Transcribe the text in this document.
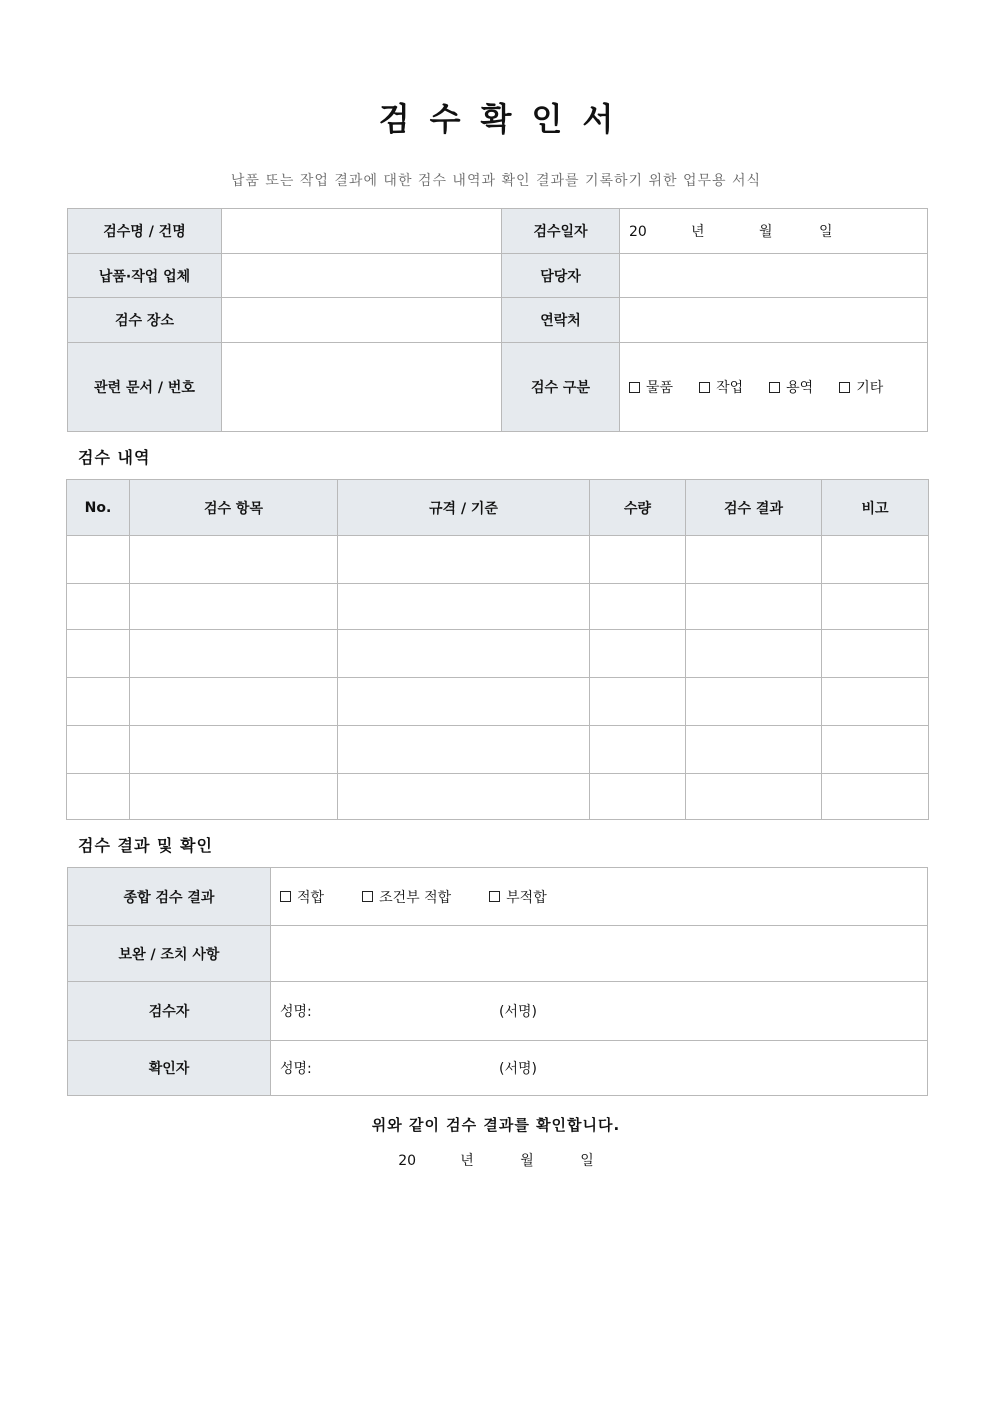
검수확인서
납품 또는 작업 결과에 대한 검수 내역과 확인 결과를 기록하기 위한 업무용 서식
검수명 / 건명		검수일자	20 년 월 일
납품·작업 업체		담당자	
검수 장소		연락처	
관련 문서 / 번호		검수 구분	물품 작업 용역 기타
검수 내역
No.	검수 항목	규격 / 기준	수량	검수 결과	비고

검수 결과 및 확인
종합 검수 결과	적합 조건부 적합 부적합
보완 / 조치 사항	
검수자	성명: (서명)
확인자	성명: (서명)
위와 같이 검수 결과를 확인합니다.
20	년	월	일
